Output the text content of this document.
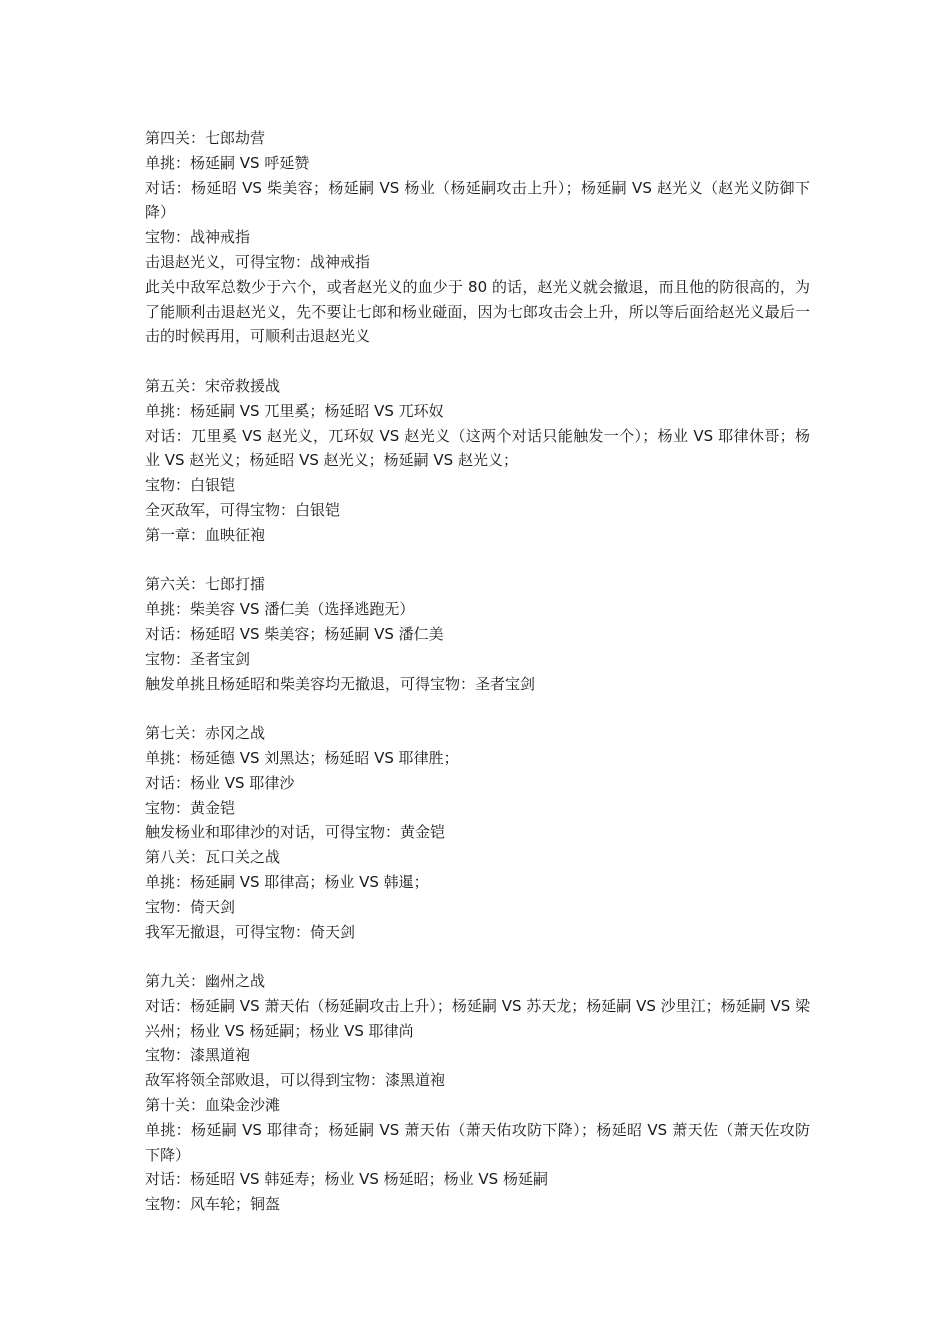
第四关：七郎劫营
单挑：杨延嗣 VS 呼延赞
对话：杨延昭 VS 柴美容；杨延嗣 VS 杨业（杨延嗣攻击上升）；杨延嗣 VS 赵光义（赵光义防御下降）
宝物：战神戒指
击退赵光义，可得宝物：战神戒指
此关中敌军总数少于六个，或者赵光义的血少于 80 的话，赵光义就会撤退，而且他的防很高的，为了能顺利击退赵光义，先不要让七郎和杨业碰面，因为七郎攻击会上升，所以等后面给赵光义最后一击的时候再用，可顺利击退赵光义
第五关：宋帝救援战
单挑：杨延嗣 VS 兀里奚；杨延昭 VS 兀环奴
对话：兀里奚 VS 赵光义，兀环奴 VS 赵光义（这两个对话只能触发一个）；杨业 VS 耶律休哥；杨业 VS 赵光义；杨延昭 VS 赵光义；杨延嗣 VS 赵光义；
宝物：白银铠
全灭敌军，可得宝物：白银铠
第一章：血映征袍
第六关：七郎打擂
单挑：柴美容 VS 潘仁美（选择逃跑无）
对话：杨延昭 VS 柴美容；杨延嗣 VS 潘仁美
宝物：圣者宝剑
触发单挑且杨延昭和柴美容均无撤退，可得宝物：圣者宝剑
第七关：赤冈之战
单挑：杨延德 VS 刘黑达；杨延昭 VS 耶律胜；
对话：杨业 VS 耶律沙
宝物：黄金铠
触发杨业和耶律沙的对话，可得宝物：黄金铠
第八关：瓦口关之战
单挑：杨延嗣 VS 耶律高；杨业 VS 韩暹；
宝物：倚天剑
我军无撤退，可得宝物：倚天剑
第九关：幽州之战
对话：杨延嗣 VS 萧天佑（杨延嗣攻击上升）；杨延嗣 VS 苏天龙；杨延嗣 VS 沙里江；杨延嗣 VS 梁兴州；杨业 VS 杨延嗣；杨业 VS 耶律尚
宝物：漆黑道袍
敌军将领全部败退，可以得到宝物：漆黑道袍
第十关：血染金沙滩
单挑：杨延嗣 VS 耶律奇；杨延嗣 VS 萧天佑（萧天佑攻防下降）；杨延昭 VS 萧天佐（萧天佐攻防下降）
对话：杨延昭 VS 韩延寿；杨业 VS 杨延昭；杨业 VS 杨延嗣
宝物：风车轮；铜盔
